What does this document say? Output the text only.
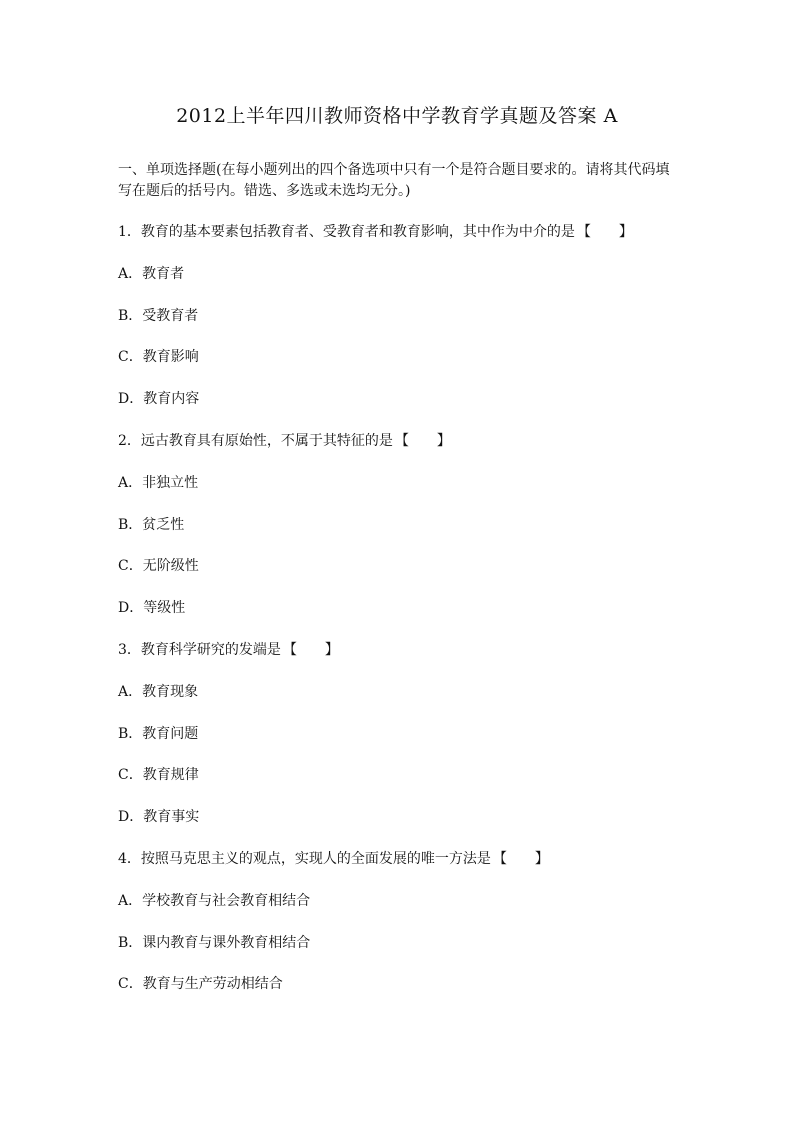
2012上半年四川教师资格中学教育学真题及答案 A
一、单项选择题(在每小题列出的四个备选项中只有一个是符合题目要求的。请将其代码填
写在题后的括号内。错选、多选或未选均无分。)
1．教育的基本要素包括教育者、受教育者和教育影响，其中作为中介的是 【　　】
A．教育者
B．受教育者
C．教育影响
D．教育内容
2．远古教育具有原始性，不属于其特征的是 【　　】
A．非独立性
B．贫乏性
C．无阶级性
D．等级性
3．教育科学研究的发端是 【　　】
A．教育现象
B．教育问题
C．教育规律
D．教育事实
4．按照马克思主义的观点，实现人的全面发展的唯一方法是 【　　】
A．学校教育与社会教育相结合
B．课内教育与课外教育相结合
C．教育与生产劳动相结合
